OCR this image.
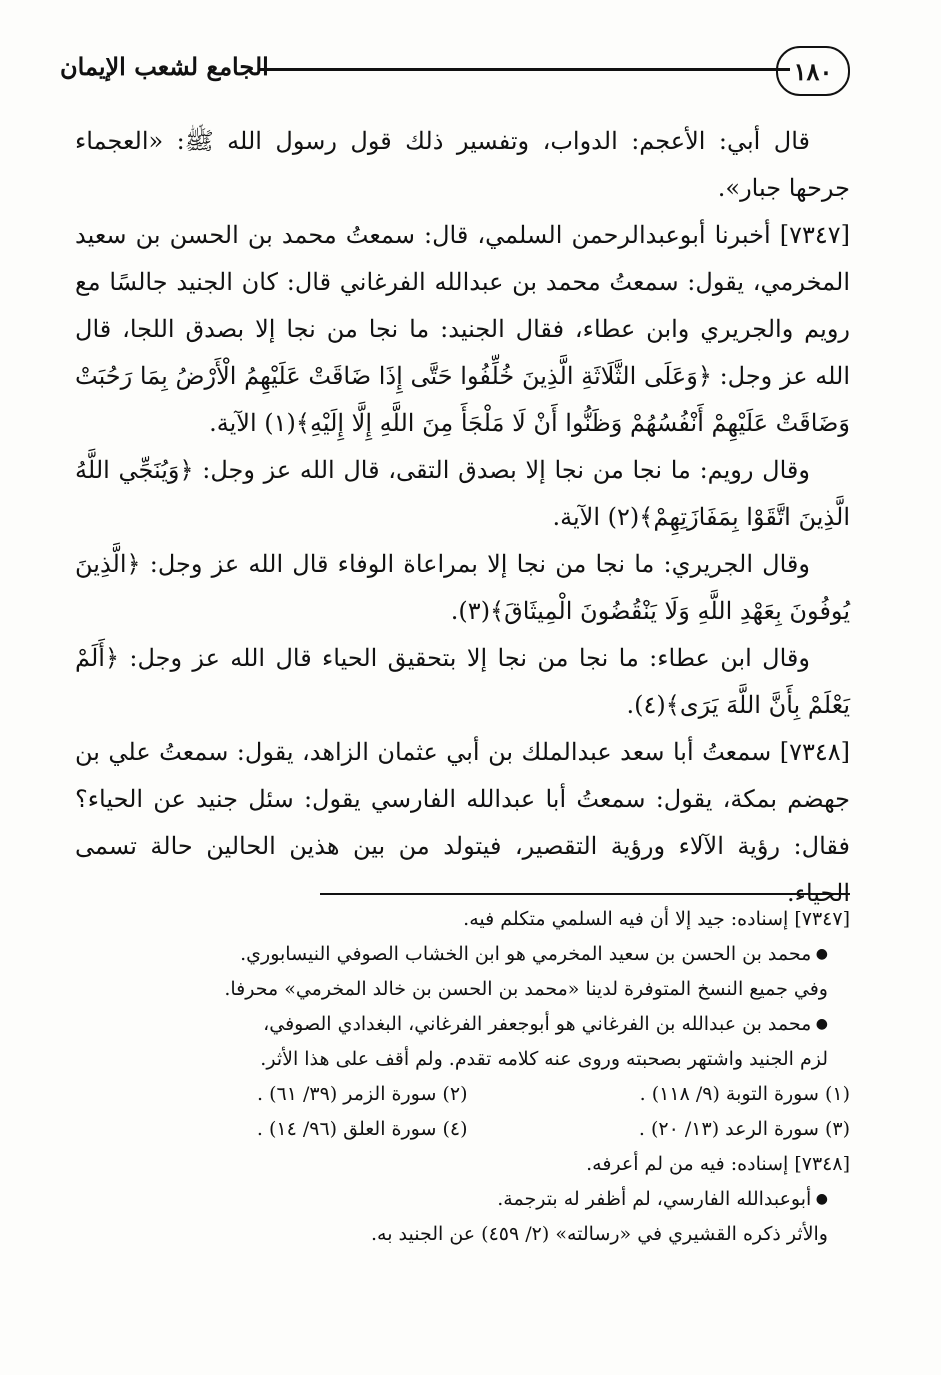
١٨٠
الجامع لشعب الإيمان

قال أبي: الأعجم: الدواب، وتفسير ذلك قول رسول الله ﷺ: «العجماء جرحها جبار».

[٧٣٤٧] أخبرنا أبوعبدالرحمن السلمي، قال: سمعتُ محمد بن الحسن بن سعيد المخرمي، يقول: سمعتُ محمد بن عبدالله الفرغاني قال: كان الجنيد جالسًا مع رويم والجريري وابن عطاء، فقال الجنيد: ما نجا من نجا إلا بصدق اللجا، قال الله عز وجل: ﴿وَعَلَى الثَّلَاثَةِ الَّذِينَ خُلِّفُوا حَتَّى إِذَا ضَاقَتْ عَلَيْهِمُ الْأَرْضُ بِمَا رَحُبَتْ وَضَاقَتْ عَلَيْهِمْ أَنْفُسُهُمْ وَظَنُّوا أَنْ لَا مَلْجَأَ مِنَ اللَّهِ إِلَّا إِلَيْهِ﴾(١) الآية.

وقال رويم: ما نجا من نجا إلا بصدق التقى، قال الله عز وجل: ﴿وَيُنَجِّي اللَّهُ الَّذِينَ اتَّقَوْا بِمَفَازَتِهِمْ﴾(٢) الآية.

وقال الجريري: ما نجا من نجا إلا بمراعاة الوفاء قال الله عز وجل: ﴿الَّذِينَ يُوفُونَ بِعَهْدِ اللَّهِ وَلَا يَنْقُضُونَ الْمِيثَاقَ﴾(٣).

وقال ابن عطاء: ما نجا من نجا إلا بتحقيق الحياء قال الله عز وجل: ﴿أَلَمْ يَعْلَمْ بِأَنَّ اللَّهَ يَرَى﴾(٤).

[٧٣٤٨] سمعتُ أبا سعد عبدالملك بن أبي عثمان الزاهد، يقول: سمعتُ علي بن جهضم بمكة، يقول: سمعتُ أبا عبدالله الفارسي يقول: سئل جنيد عن الحياء؟ فقال: رؤية الآلاء ورؤية التقصير، فيتولد من بين هذين الحالين حالة تسمى الحياء.

[٧٣٤٧] إسناده: جيد إلا أن فيه السلمي متكلم فيه.

● محمد بن الحسن بن سعيد المخرمي هو ابن الخشاب الصوفي النيسابوري.

وفي جميع النسخ المتوفرة لدينا «محمد بن الحسن بن خالد المخرمي» محرفا.

● محمد بن عبدالله بن الفرغاني هو أبوجعفر الفرغاني، البغدادي الصوفي،

لزم الجنيد واشتهر بصحبته وروى عنه كلامه تقدم. ولم أقف على هذا الأثر.

(١) سورة التوبة (٩/ ١١٨) .
(٢) سورة الزمر (٣٩/ ٦١) .
(٣) سورة الرعد (١٣/ ٢٠) .
(٤) سورة العلق (٩٦/ ١٤) .

[٧٣٤٨] إسناده: فيه من لم أعرفه.

● أبوعبدالله الفارسي، لم أظفر له بترجمة.

والأثر ذكره القشيري في «رسالته» (٢/ ٤٥٩) عن الجنيد به.
